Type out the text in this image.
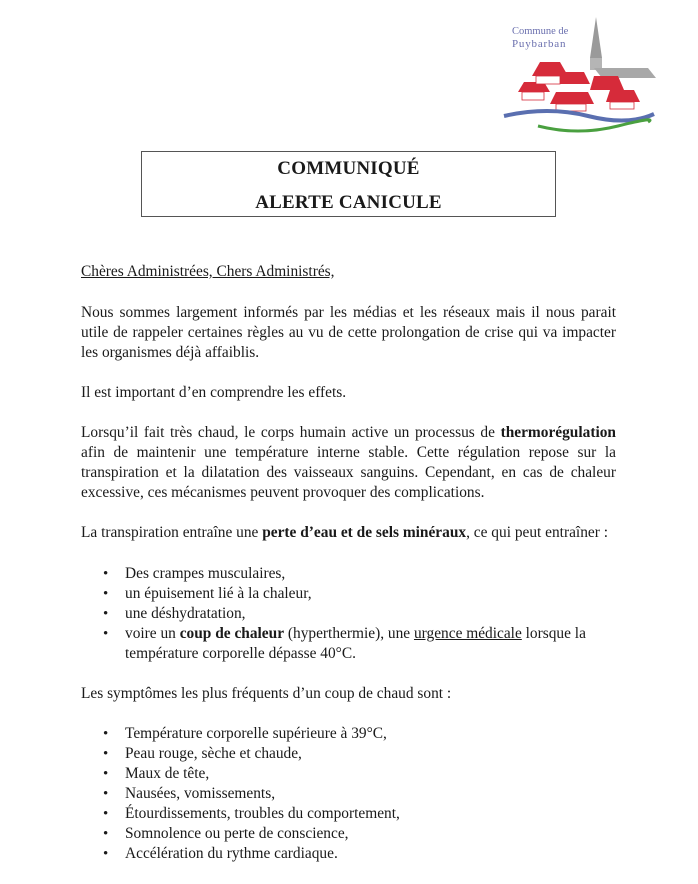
Commune de
Puybarban
COMMUNIQUÉ
ALERTE CANICULE

Chères Administrées, Chers Administrés,

Nous sommes largement informés par les médias et les réseaux mais il nous parait utile de rappeler certaines règles au vu de cette prolongation de crise qui va impacter les organismes déjà affaiblis.

Il est important d’en comprendre les effets.

Lorsqu’il fait très chaud, le corps humain active un processus de thermorégulation afin de maintenir une température interne stable. Cette régulation repose sur la transpiration et la dilatation des vaisseaux sanguins. Cependant, en cas de chaleur excessive, ces mécanismes peuvent provoquer des complications.

La transpiration entraîne une perte d’eau et de sels minéraux, ce qui peut entraîner :

• Des crampes musculaires,
• un épuisement lié à la chaleur,
• une déshydratation,
• voire un coup de chaleur (hyperthermie), une urgence médicale lorsque la température corporelle dépasse 40°C.

Les symptômes les plus fréquents d’un coup de chaud sont :

• Température corporelle supérieure à 39°C,
• Peau rouge, sèche et chaude,
• Maux de tête,
• Nausées, vomissements,
• Étourdissements, troubles du comportement,
• Somnolence ou perte de conscience,
• Accélération du rythme cardiaque.
